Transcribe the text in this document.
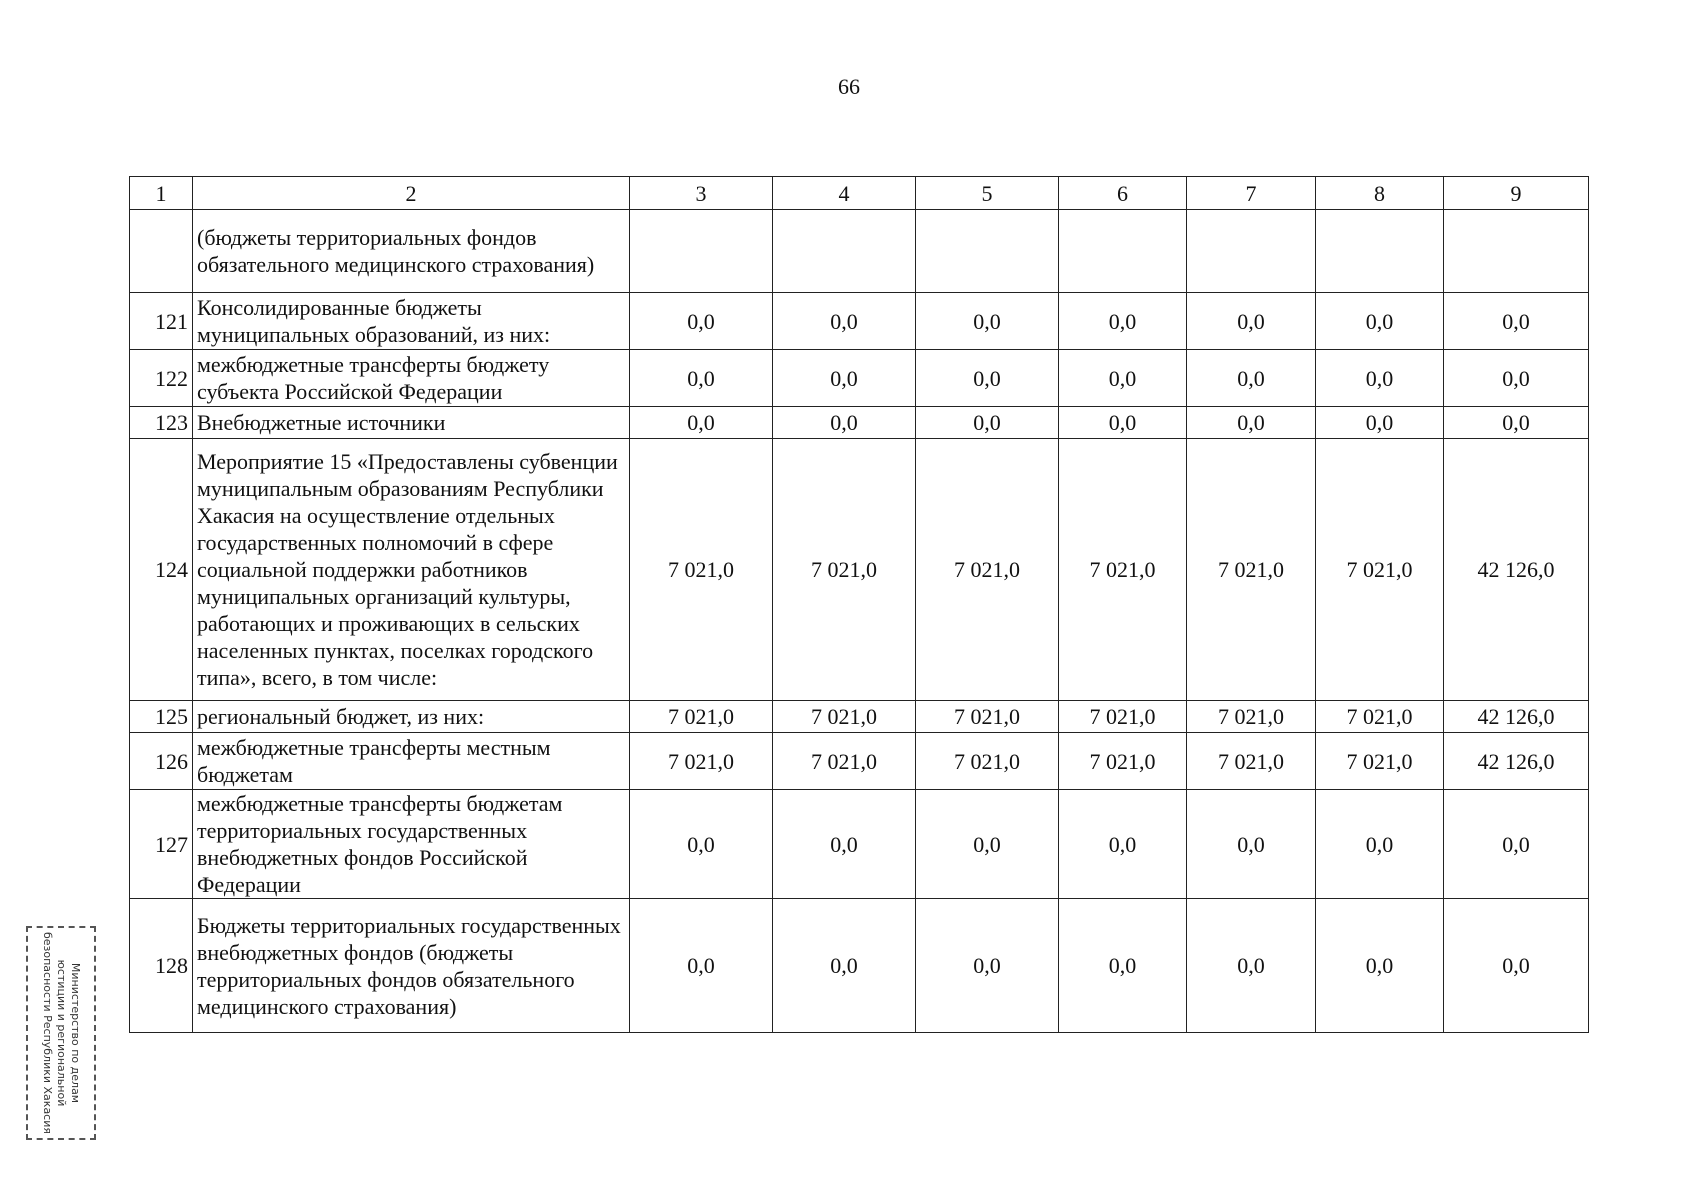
66
1	2	3	4	5	6	7	8	9
	(бюджеты территориальных фондов обязательного медицинского страхования)							
121	Консолидированные бюджеты муниципальных образований, из них:	0,0	0,0	0,0	0,0	0,0	0,0	0,0
122	межбюджетные трансферты бюджету субъекта Российской Федерации	0,0	0,0	0,0	0,0	0,0	0,0	0,0
123	Внебюджетные источники	0,0	0,0	0,0	0,0	0,0	0,0	0,0
124	Мероприятие 15 «Предоставлены субвенции муниципальным образованиям Республики Хакасия на осуществление отдельных государственных полномочий в сфере социальной поддержки работников муниципальных организаций культуры, работающих и проживающих в сельских населенных пунктах, поселках городского типа», всего, в том числе:	7 021,0	7 021,0	7 021,0	7 021,0	7 021,0	7 021,0	42 126,0
125	региональный бюджет, из них:	7 021,0	7 021,0	7 021,0	7 021,0	7 021,0	7 021,0	42 126,0
126	межбюджетные трансферты местным бюджетам	7 021,0	7 021,0	7 021,0	7 021,0	7 021,0	7 021,0	42 126,0
127	межбюджетные трансферты бюджетам территориальных государственных внебюджетных фондов Российской Федерации	0,0	0,0	0,0	0,0	0,0	0,0	0,0
128	Бюджеты территориальных государственных внебюджетных фондов (бюджеты территориальных фондов обязательного медицинского страхования)	0,0	0,0	0,0	0,0	0,0	0,0	0,0
Министерство по делам
юстиции и региональной
безопасности Республики Хакасия
